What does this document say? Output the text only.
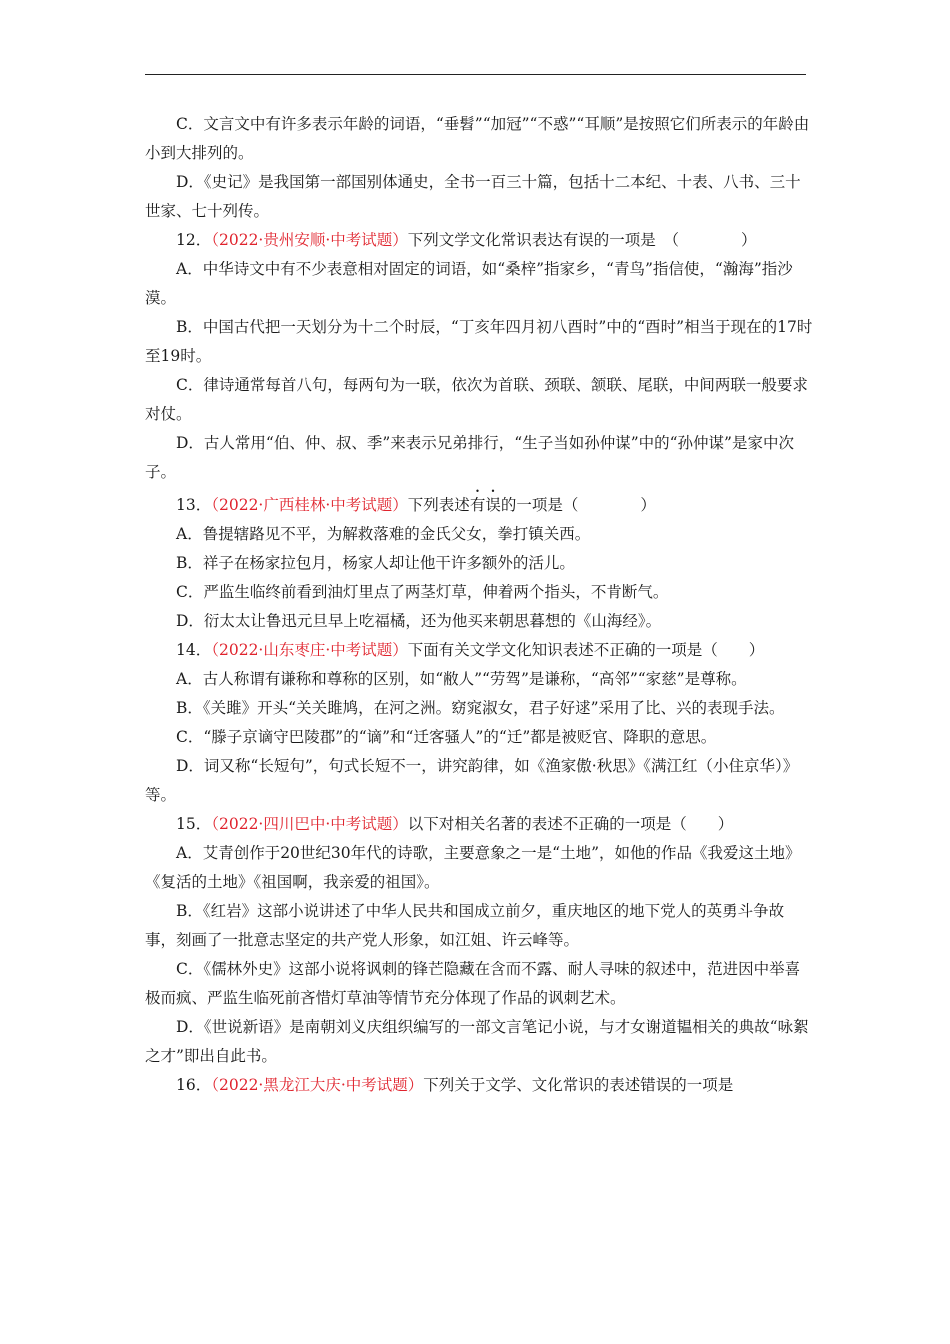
C．文言文中有许多表示年龄的词语，“垂髫”“加冠”“不惑”“耳顺”是按照它们所表示的年龄由小到大排列的。

D．《史记》是我国第一部国别体通史，全书一百三十篇，包括十二本纪、十表、八书、三十世家、七十列传。

12．（2022·贵州安顺·中考试题）下列文学文化常识表达有误的一项是　（　　　　）

A．中华诗文中有不少表意相对固定的词语，如“桑梓”指家乡，“青鸟”指信使，“瀚海”指沙漠。

B．中国古代把一天划分为十二个时辰，“丁亥年四月初八酉时”中的“酉时”相当于现在的17时至19时。

C．律诗通常每首八句，每两句为一联，依次为首联、颈联、颔联、尾联，中间两联一般要求对仗。

D．古人常用“伯、仲、叔、季”来表示兄弟排行，“生子当如孙仲谋”中的“孙仲谋”是家中次子。

13．（2022·广西桂林·中考试题）下列表述有误的一项是（　　　　）

A．鲁提辖路见不平，为解救落难的金氏父女，拳打镇关西。

B．祥子在杨家拉包月，杨家人却让他干许多额外的活儿。

C．严监生临终前看到油灯里点了两茎灯草，伸着两个指头，不肯断气。

D．衍太太让鲁迅元旦早上吃福橘，还为他买来朝思暮想的《山海经》。

14．（2022·山东枣庄·中考试题）下面有关文学文化知识表述不正确的一项是（　　）

A．古人称谓有谦称和尊称的区别，如“敝人”“劳驾”是谦称，“高邻”“家慈”是尊称。

B．《关雎》开头“关关雎鸠，在河之洲。窈窕淑女，君子好逑”采用了比、兴的表现手法。

C．“滕子京谪守巴陵郡”的“谪”和“迁客骚人”的“迁”都是被贬官、降职的意思。

D．词又称“长短句”，句式长短不一，讲究韵律，如《渔家傲·秋思》《满江红（小住京华）》等。

15．（2022·四川巴中·中考试题）以下对相关名著的表述不正确的一项是（　　）

A．艾青创作于20世纪30年代的诗歌，主要意象之一是“土地”，如他的作品《我爱这土地》《复活的土地》《祖国啊，我亲爱的祖国》。

B．《红岩》这部小说讲述了中华人民共和国成立前夕，重庆地区的地下党人的英勇斗争故事，刻画了一批意志坚定的共产党人形象，如江姐、许云峰等。

C．《儒林外史》这部小说将讽刺的锋芒隐藏在含而不露、耐人寻味的叙述中，范进因中举喜极而疯、严监生临死前吝惜灯草油等情节充分体现了作品的讽刺艺术。

D．《世说新语》是南朝刘义庆组织编写的一部文言笔记小说，与才女谢道韫相关的典故“咏絮之才”即出自此书。

16．（2022·黑龙江大庆·中考试题）下列关于文学、文化常识的表述错误的一项是
